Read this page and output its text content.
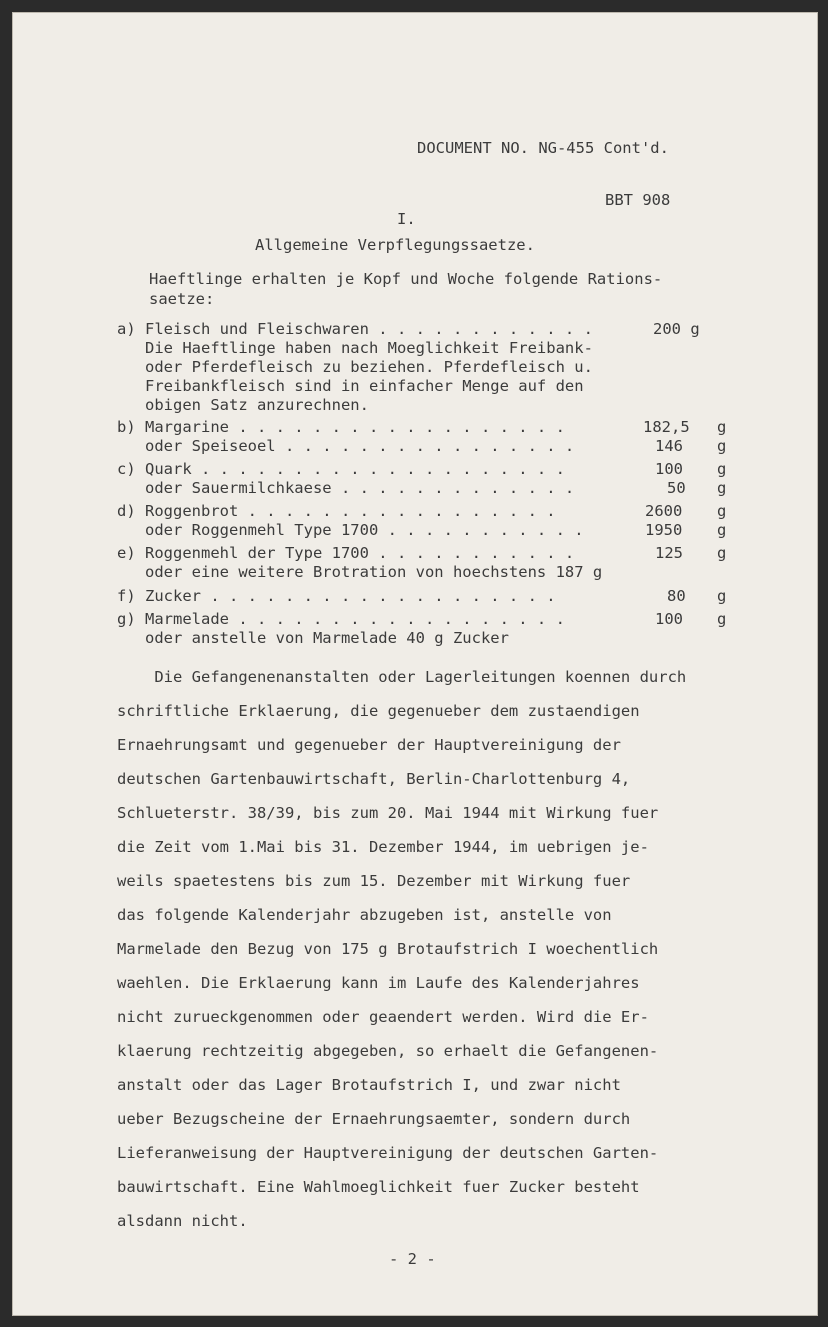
DOCUMENT NO. NG-455 Cont'd.
BBT 908
I.
Allgemeine Verpflegungssaetze.
Haeftlinge erhalten je Kopf und Woche folgende Rations-
saetze:
a) Fleisch und Fleischwaren . . . . . . . . . . . .	200 g
Die Haeftlinge haben nach Moeglichkeit Freibank-
oder Pferdefleisch zu beziehen. Pferdefleisch u.
Freibankfleisch sind in einfacher Menge auf den
obigen Satz anzurechnen.
b) Margarine . . . . . . . . . . . . . . . . . .	182,5 g
oder Speiseoel . . . . . . . . . . . . . . . .	146 g
c) Quark . . . . . . . . . . . . . . . . . . . .	100 g
oder Sauermilchkaese . . . . . . . . . . . . .	50 g
d) Roggenbrot . . . . . . . . . . . . . . . . .	2600 g
oder Roggenmehl Type 1700 . . . . . . . . . . .	1950 g
e) Roggenmehl der Type 1700 . . . . . . . . . . .	125 g
oder eine weitere Brotration von hoechstens 187 g
f) Zucker . . . . . . . . . . . . . . . . . . .	80 g
g) Marmelade . . . . . . . . . . . . . . . . . .	100 g
oder anstelle von Marmelade 40 g Zucker
Die Gefangenenanstalten oder Lagerleitungen koennen durch
schriftliche Erklaerung, die gegenueber dem zustaendigen
Ernaehrungsamt und gegenueber der Hauptvereinigung der
deutschen Gartenbauwirtschaft, Berlin-Charlottenburg 4,
Schlueterstr. 38/39, bis zum 20. Mai 1944 mit Wirkung fuer
die Zeit vom 1.Mai bis 31. Dezember 1944, im uebrigen je-
weils spaetestens bis zum 15. Dezember mit Wirkung fuer
das folgende Kalenderjahr abzugeben ist, anstelle von
Marmelade den Bezug von 175 g Brotaufstrich I woechentlich
waehlen. Die Erklaerung kann im Laufe des Kalenderjahres
nicht zurueckgenommen oder geaendert werden. Wird die Er-
klaerung rechtzeitig abgegeben, so erhaelt die Gefangenen-
anstalt oder das Lager Brotaufstrich I, und zwar nicht
ueber Bezugscheine der Ernaehrungsaemter, sondern durch
Lieferanweisung der Hauptvereinigung der deutschen Garten-
bauwirtschaft. Eine Wahlmoeglichkeit fuer Zucker besteht
alsdann nicht.
- 2 -
